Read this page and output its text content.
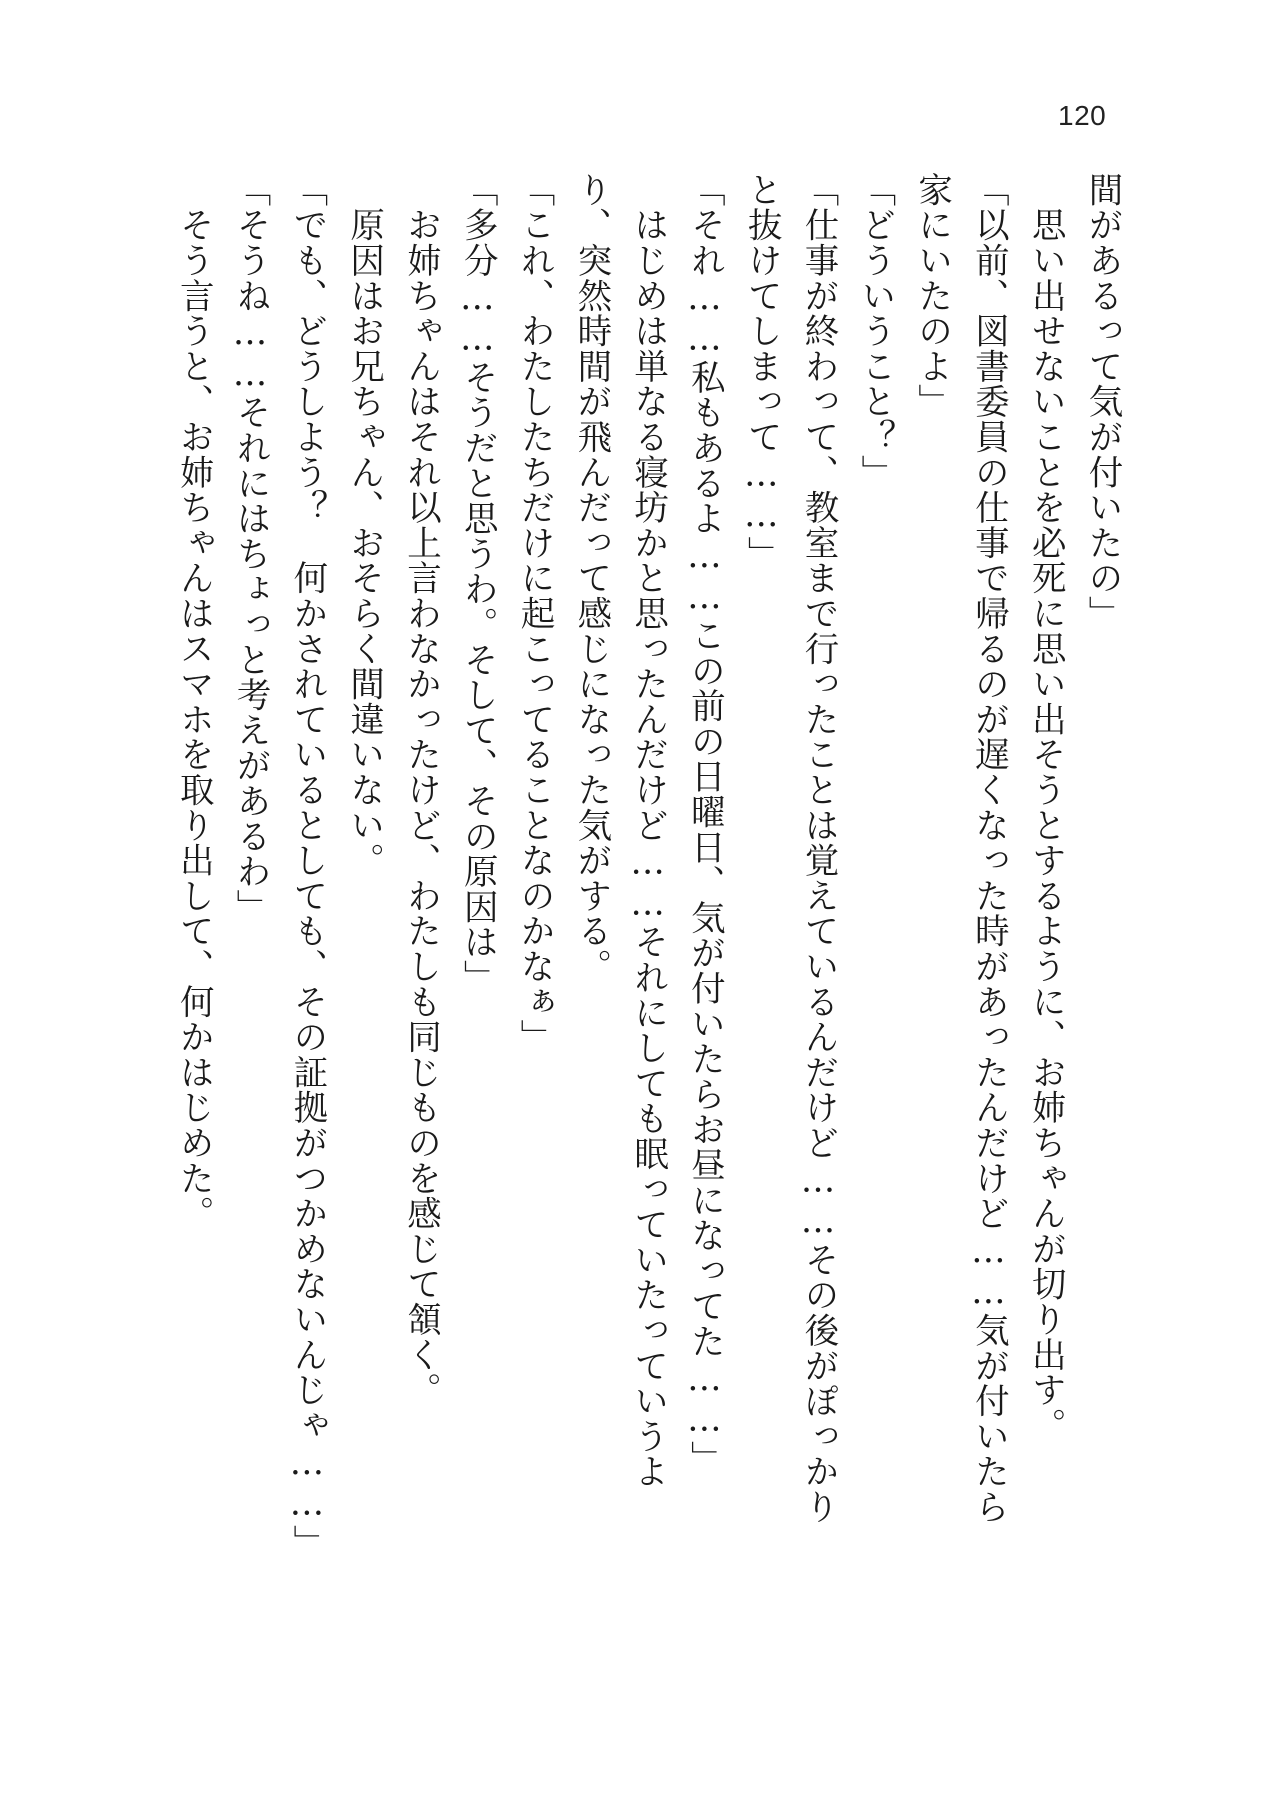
120

間があるって気が付いたの」

　思い出せないことを必死に思い出そうとするように、お姉ちゃんが切り出す。

「以前、図書委員の仕事で帰るのが遅くなった時があったんだけど……気が付いたら家にいたのよ」

「どういうこと？」

「仕事が終わって、教室まで行ったことは覚えているんだけど……その後がぽっかりと抜けてしまって……」

「それ……私もあるよ……この前の日曜日、気が付いたらお昼になってた……」

　はじめは単なる寝坊かと思ったんだけど……それにしても眠っていたっていうより、突然時間が飛んだって感じになった気がする。

「これ、わたしたちだけに起こってることなのかなぁ」

「多分……そうだと思うわ。そして、その原因は」

　お姉ちゃんはそれ以上言わなかったけど、わたしも同じものを感じて頷く。

　原因はお兄ちゃん、おそらく間違いない。

「でも、どうしよう？　何かされているとしても、その証拠がつかめないんじゃ……」

「そうね……それにはちょっと考えがあるわ」

　そう言うと、お姉ちゃんはスマホを取り出して、何かはじめた。
